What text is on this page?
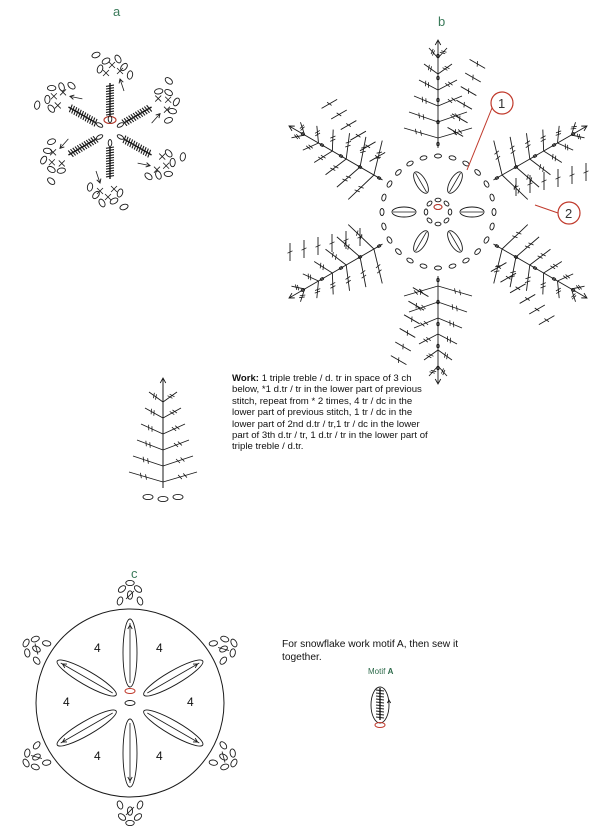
a
b
c
1
2
Work: 1 triple treble / d. tr in space of 3 ch below, *1 d.tr / tr in the lower part of previous stitch, repeat from * 2 times, 4 tr / dc in the lower part of previous stitch, 1 tr / dc in the lower part of 2nd d.tr / tr,1 tr / dc in the lower part of 3th d.tr / tr, 1 d.tr / tr in the lower part of triple treble / d.tr.
For snowflake work motif A, then sew it together.
Motif A
4
4
4
4
4
4
